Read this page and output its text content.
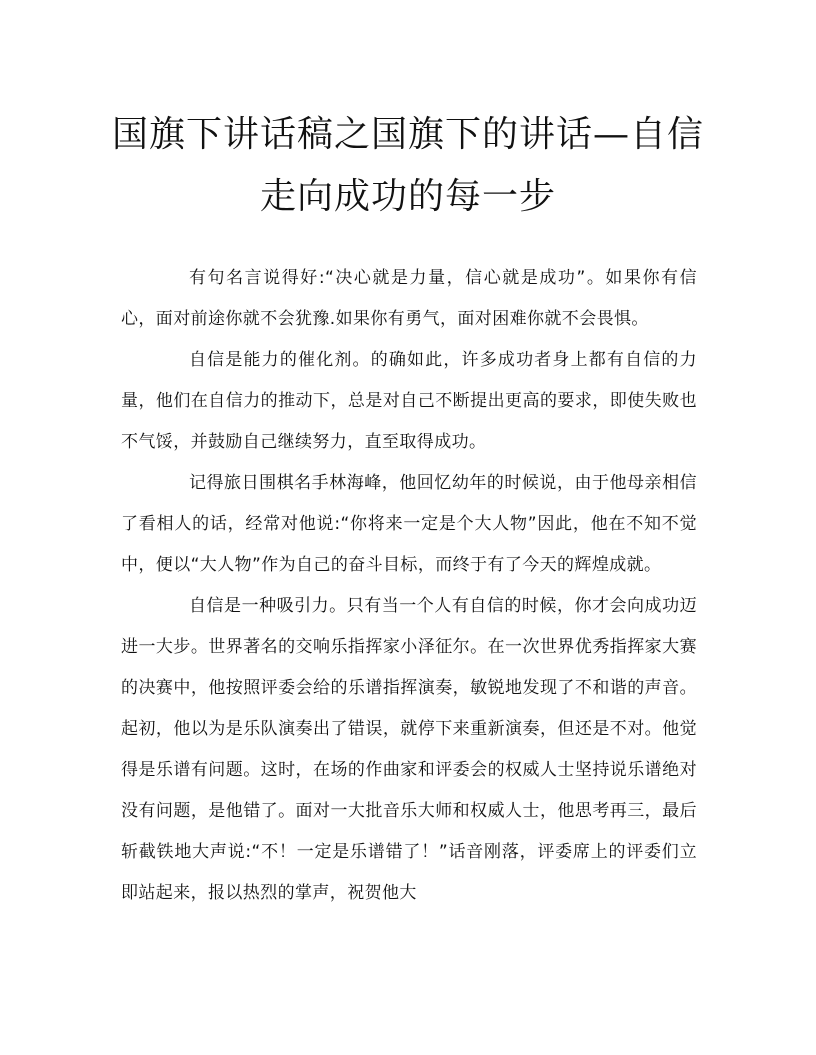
国旗下讲话稿之国旗下的讲话—自信
走向成功的每一步

有句名言说得好:“决心就是力量，信心就是成功”。如果你有信心，面对前途你就不会犹豫.如果你有勇气，面对困难你就不会畏惧。

自信是能力的催化剂。的确如此，许多成功者身上都有自信的力量，他们在自信力的推动下，总是对自己不断提出更高的要求，即使失败也不气馁，并鼓励自己继续努力，直至取得成功。

记得旅日围棋名手林海峰，他回忆幼年的时候说，由于他母亲相信了看相人的话，经常对他说:“你将来一定是个大人物”因此，他在不知不觉中，便以“大人物”作为自己的奋斗目标，而终于有了今天的辉煌成就。

自信是一种吸引力。只有当一个人有自信的时候，你才会向成功迈进一大步。世界著名的交响乐指挥家小泽征尔。在一次世界优秀指挥家大赛的决赛中，他按照评委会给的乐谱指挥演奏，敏锐地发现了不和谐的声音。起初，他以为是乐队演奏出了错误，就停下来重新演奏，但还是不对。他觉得是乐谱有问题。这时，在场的作曲家和评委会的权威人士坚持说乐谱绝对没有问题，是他错了。面对一大批音乐大师和权威人士，他思考再三，最后斩截铁地大声说:“不！一定是乐谱错了！”话音刚落，评委席上的评委们立即站起来，报以热烈的掌声，祝贺他大
